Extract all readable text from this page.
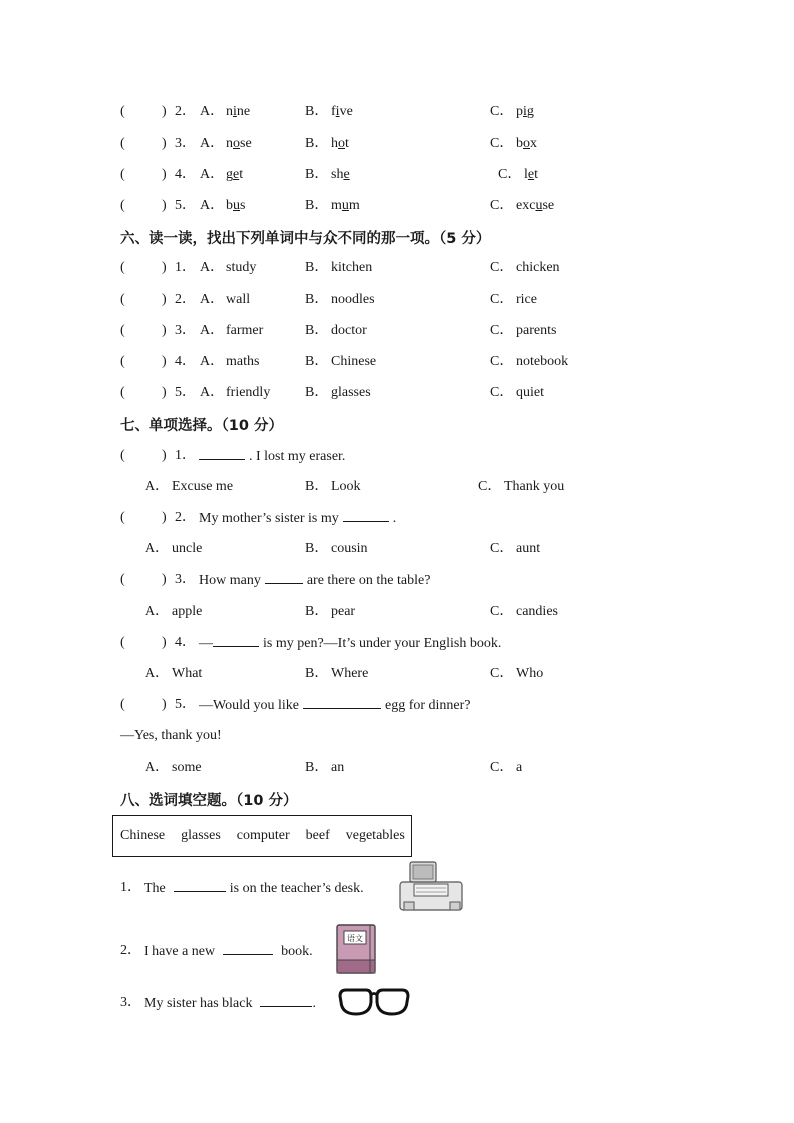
(	) 2． A． nine	B． five	C． pig
(	) 3． A． nose	B． hot	C． box
(	) 4． A． get	B． she	C． let
(	) 5． A． bus	B． mum	C． excuse
六、读一读，找出下列单词中与众不同的那一项。（5 分）
(	) 1． A． study	B． kitchen	C． chicken
(	) 2． A． wall	B． noodles	C． rice
(	) 3． A． farmer	B． doctor	C． parents
(	) 4． A． maths	B． Chinese	C． notebook
(	) 5． A． friendly B． glasses	C． quiet
七、单项选择。（10 分）
(	) 1．	. I lost my eraser.
A． Excuse me	B． Look	C． Thank you
(	) 2． My mother’s sister is my	.
A． uncle	B． cousin	C． aunt
(	) 3． How many	are there on the table?
A． apple	B． pear	C． candies
(	) 4． —	is my pen?—It’s under your English book.
A． What	B． Where	C． Who
(	) 5． —Would you like	egg for dinner?
—Yes, thank you!
A． some	B． an	C． a
八、选词填空题。（10 分）
Chinese glasses computer beef vegetables
1． The	is on the teacher’s desk.
2． I have a new	book.
语文
3． My sister has black	.
